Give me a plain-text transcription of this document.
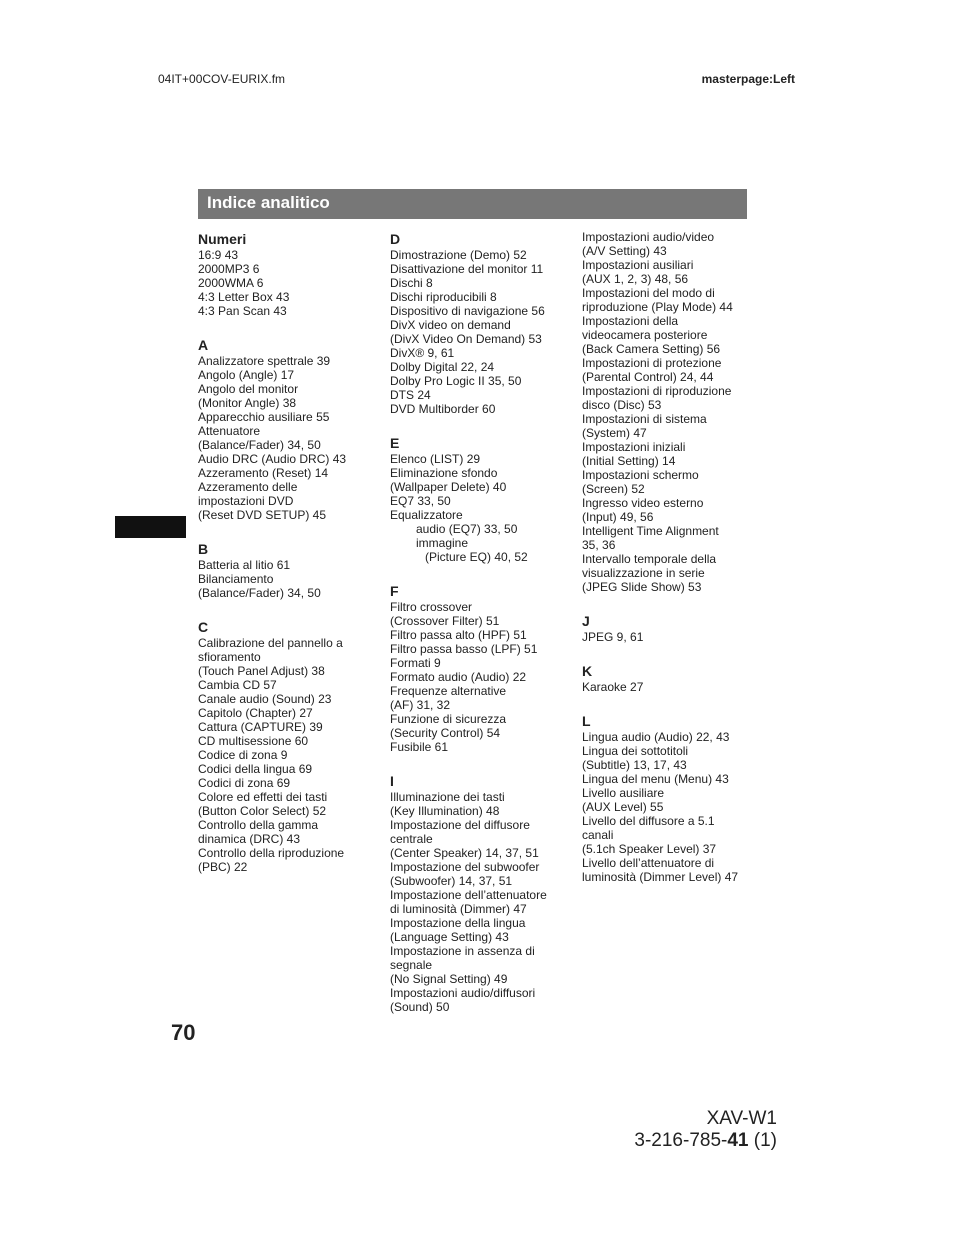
04IT+00COV-EURIX.fm	masterpage:Left
Indice analitico
Numeri
16:9 43
2000MP3 6
2000WMA 6
4:3 Letter Box 43
4:3 Pan Scan 43
A
Analizzatore spettrale 39
Angolo (Angle) 17
Angolo del monitor
(Monitor Angle) 38
Apparecchio ausiliare 55
Attenuatore
(Balance/Fader) 34, 50
Audio DRC (Audio DRC) 43
Azzeramento (Reset) 14
Azzeramento delle
impostazioni DVD
(Reset DVD SETUP) 45
B
Batteria al litio 61
Bilanciamento
(Balance/Fader) 34, 50
C
Calibrazione del pannello a
sfioramento
(Touch Panel Adjust) 38
Cambia CD 57
Canale audio (Sound) 23
Capitolo (Chapter) 27
Cattura (CAPTURE) 39
CD multisessione 60
Codice di zona 9
Codici della lingua 69
Codici di zona 69
Colore ed effetti dei tasti
(Button Color Select) 52
Controllo della gamma
dinamica (DRC) 43
Controllo della riproduzione
(PBC) 22
D
Dimostrazione (Demo) 52
Disattivazione del monitor 11
Dischi 8
Dischi riproducibili 8
Dispositivo di navigazione 56
DivX video on demand
(DivX Video On Demand) 53
DivX® 9, 61
Dolby Digital 22, 24
Dolby Pro Logic II 35, 50
DTS 24
DVD Multiborder 60
E
Elenco (LIST) 29
Eliminazione sfondo
(Wallpaper Delete) 40
EQ7 33, 50
Equalizzatore
audio (EQ7) 33, 50
immagine
(Picture EQ) 40, 52
F
Filtro crossover
(Crossover Filter) 51
Filtro passa alto (HPF) 51
Filtro passa basso (LPF) 51
Formati 9
Formato audio (Audio) 22
Frequenze alternative
(AF) 31, 32
Funzione di sicurezza
(Security Control) 54
Fusibile 61
I
Illuminazione dei tasti
(Key Illumination) 48
Impostazione del diffusore
centrale
(Center Speaker) 14, 37, 51
Impostazione del subwoofer
(Subwoofer) 14, 37, 51
Impostazione dell’attenuatore
di luminosità (Dimmer) 47
Impostazione della lingua
(Language Setting) 43
Impostazione in assenza di
segnale
(No Signal Setting) 49
Impostazioni audio/diffusori
(Sound) 50
Impostazioni audio/video
(A/V Setting) 43
Impostazioni ausiliari
(AUX 1, 2, 3) 48, 56
Impostazioni del modo di
riproduzione (Play Mode) 44
Impostazioni della
videocamera posteriore
(Back Camera Setting) 56
Impostazioni di protezione
(Parental Control) 24, 44
Impostazioni di riproduzione
disco (Disc) 53
Impostazioni di sistema
(System) 47
Impostazioni iniziali
(Initial Setting) 14
Impostazioni schermo
(Screen) 52
Ingresso video esterno
(Input) 49, 56
Intelligent Time Alignment
35, 36
Intervallo temporale della
visualizzazione in serie
(JPEG Slide Show) 53
J
JPEG 9, 61
K
Karaoke 27
L
Lingua audio (Audio) 22, 43
Lingua dei sottotitoli
(Subtitle) 13, 17, 43
Lingua del menu (Menu) 43
Livello ausiliare
(AUX Level) 55
Livello del diffusore a 5.1
canali
(5.1ch Speaker Level) 37
Livello dell’attenuatore di
luminosità (Dimmer Level) 47
70
XAV-W1
3-216-785-41 (1)
